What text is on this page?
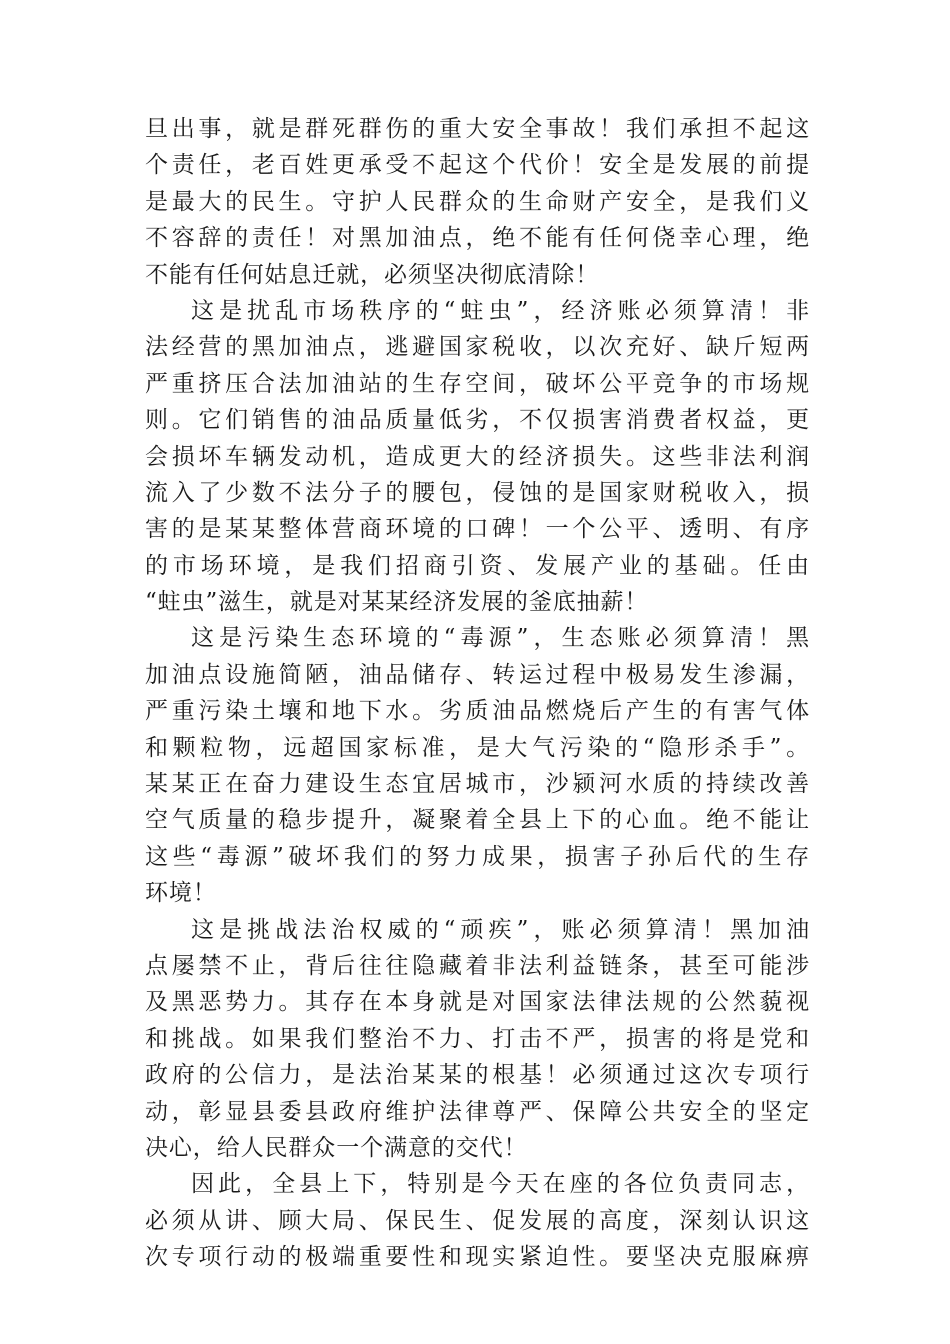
旦出事，就是群死群伤的重大安全事故！我们承担不起这
个责任，老百姓更承受不起这个代价！安全是发展的前提
是最大的民生。守护人民群众的生命财产安全，是我们义
不容辞的责任！对黑加油点，绝不能有任何侥幸心理，绝
不能有任何姑息迁就，必须坚决彻底清除！
这是扰乱市场秩序的“蛀虫”，经济账必须算清！非
法经营的黑加油点，逃避国家税收，以次充好、缺斤短两
严重挤压合法加油站的生存空间，破坏公平竞争的市场规
则。它们销售的油品质量低劣，不仅损害消费者权益，更
会损坏车辆发动机，造成更大的经济损失。这些非法利润
流入了少数不法分子的腰包，侵蚀的是国家财税收入，损
害的是某某整体营商环境的口碑！一个公平、透明、有序
的市场环境，是我们招商引资、发展产业的基础。任由
“蛀虫”滋生，就是对某某经济发展的釜底抽薪！
这是污染生态环境的“毒源”，生态账必须算清！黑
加油点设施简陋，油品储存、转运过程中极易发生渗漏，
严重污染土壤和地下水。劣质油品燃烧后产生的有害气体
和颗粒物，远超国家标准，是大气污染的“隐形杀手”。
某某正在奋力建设生态宜居城市，沙颍河水质的持续改善
空气质量的稳步提升，凝聚着全县上下的心血。绝不能让
这些“毒源”破坏我们的努力成果，损害子孙后代的生存
环境！
这是挑战法治权威的“顽疾”，账必须算清！黑加油
点屡禁不止，背后往往隐藏着非法利益链条，甚至可能涉
及黑恶势力。其存在本身就是对国家法律法规的公然藐视
和挑战。如果我们整治不力、打击不严，损害的将是党和
政府的公信力，是法治某某的根基！必须通过这次专项行
动，彰显县委县政府维护法律尊严、保障公共安全的坚定
决心，给人民群众一个满意的交代！
因此，全县上下，特别是今天在座的各位负责同志，
必须从讲、顾大局、保民生、促发展的高度，深刻认识这
次专项行动的极端重要性和现实紧迫性。要坚决克服麻痹
